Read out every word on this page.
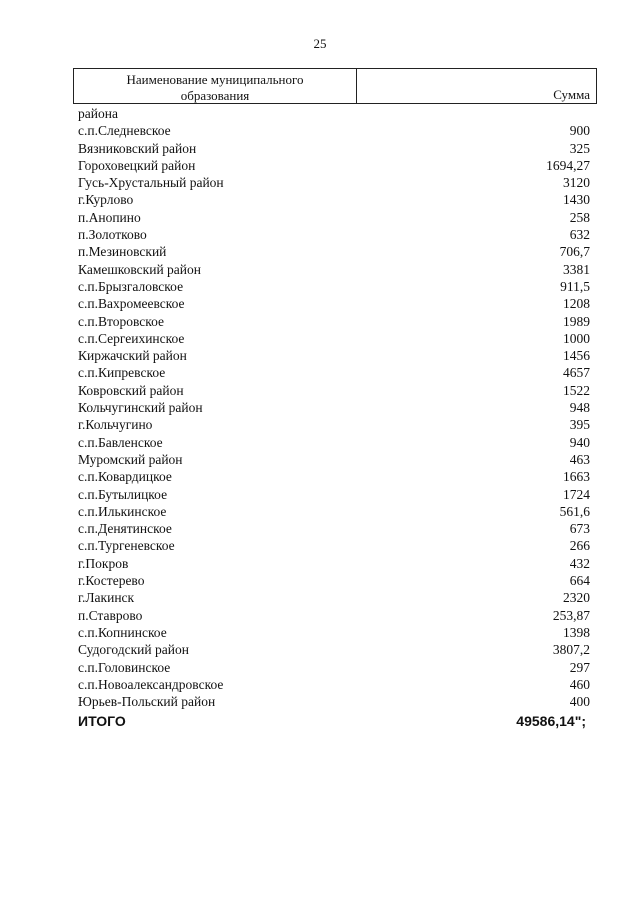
25
Наименование муниципального
образования	Сумма
района
с.п.Следневское	900
Вязниковский район	325
Гороховецкий район	1694,27
Гусь-Хрустальный район	3120
г.Курлово	1430
п.Анопино	258
п.Золотково	632
п.Мезиновский	706,7
Камешковский район	3381
с.п.Брызгаловское	911,5
с.п.Вахромеевское	1208
с.п.Второвское	1989
с.п.Сергеихинское	1000
Киржачский район	1456
с.п.Кипревское	4657
Ковровский район	1522
Кольчугинский район	948
г.Кольчугино	395
с.п.Бавленское	940
Муромский район	463
с.п.Ковардицкое	1663
с.п.Бутылицкое	1724
с.п.Илькинское	561,6
с.п.Денятинское	673
с.п.Тургеневское	266
г.Покров	432
г.Костерево	664
г.Лакинск	2320
п.Ставрово	253,87
с.п.Копнинское	1398
Судогодский район	3807,2
с.п.Головинское	297
с.п.Новоалександровское	460
Юрьев-Польский район	400
ИТОГО	49586,14";
